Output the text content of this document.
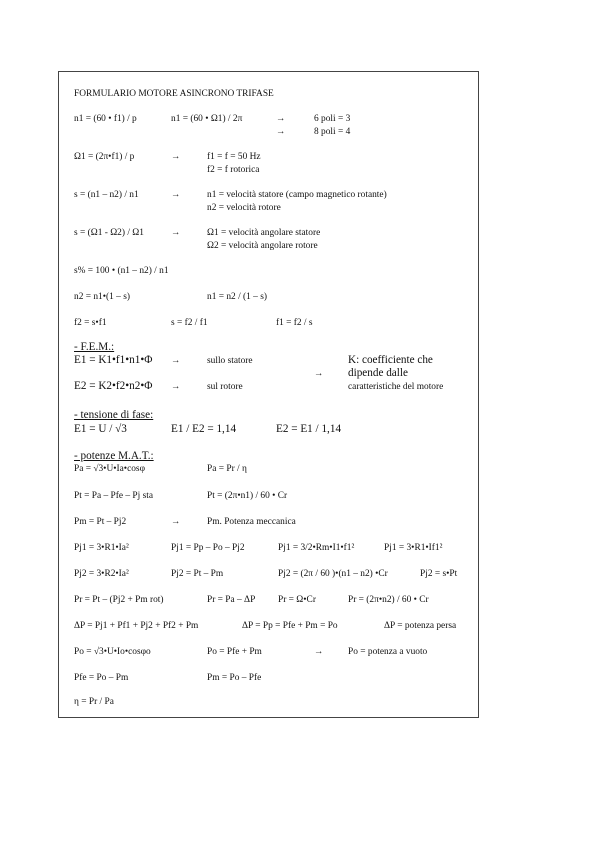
FORMULARIO MOTORE ASINCRONO TRIFASE
n1 = (60 • f1) / p	n1 = (60 • Ω1) / 2π	→	6 poli = 3
→	8 poli = 4
Ω1 = (2π•f1) / p	→	f1 = f = 50 Hz
f2 = f rotorica
s = (n1 – n2) / n1	→	n1 = velocità statore (campo magnetico rotante)
n2 = velocità rotore
s = (Ω1 - Ω2) / Ω1	→	Ω1 = velocità angolare statore
Ω2 = velocità angolare rotore
s% = 100 • (n1 – n2) / n1
n2 = n1•(1 – s)	n1 = n2 / (1 – s)
f2 = s•f1	s = f2 / f1	f1 = f2 / s
- F.E.M.:
E1 = K1•f1•n1•Φ →	sullo statore	K: coefficiente che
→ dipende dalle
E2 = K2•f2•n2•Φ →	sul rotore	caratteristiche del motore
- tensione di fase:
E1 = U / √3	E1 / E2 = 1,14	E2 = E1 / 1,14
- potenze M.A.T.:
Pa = √3•U•Ia•cosφ	Pa = Pr / η
Pt = Pa – Pfe – Pj sta	Pt = (2π•n1) / 60 • Cr
Pm = Pt – Pj2	→	Pm. Potenza meccanica
Pj1 = 3•R1•Ia²	Pj1 = Pp – Po – Pj2	Pj1 = 3/2•Rm•I1•f1²	Pj1 = 3•R1•If1²
Pj2 = 3•R2•Ia²	Pj2 = Pt – Pm	Pj2 = (2π / 60 )•(n1 – n2) •Cr	Pj2 = s•Pt
Pr = Pt – (Pj2 + Pm rot)	Pr = Pa – ΔP Pr = Ω•Cr	Pr = (2π•n2) / 60 • Cr
ΔP = Pj1 + Pf1 + Pj2 + Pf2 + Pm	ΔP = Pp = Pfe + Pm = Po	ΔP = potenza persa
Po = √3•U•Io•cosφo	Po = Pfe + Pm	→	Po = potenza a vuoto
Pfe = Po – Pm	Pm = Po – Pfe
η = Pr / Pa
